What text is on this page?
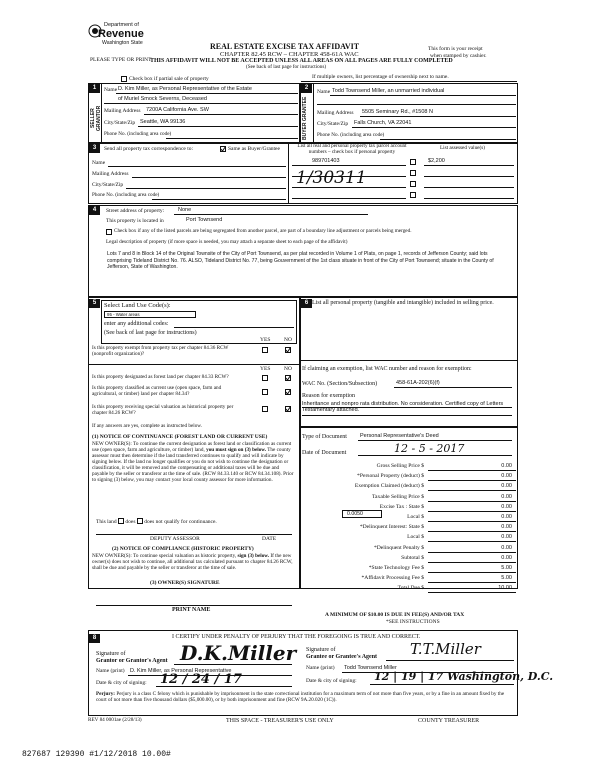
Department of
Revenue
Washington State	REAL ESTATE EXCISE TAX AFFIDAVIT
CHAPTER 82.45 RCW – CHAPTER 458-61A WAC
THIS AFFIDAVIT WILL NOT BE ACCEPTED UNLESS ALL AREAS ON ALL PAGES ARE FULLY COMPLETED
(See back of last page for instructions)
PLEASE TYPE OR PRINT
This form is your receipt
when stamped by cashier.
Check box if partial sale of property	If multiple owners, list percentage of ownership next to name.
1
SELLER GRANTOR
Name D. Kim Miller, as Personal Representative of the Estate
of Muriel Smock Severns, Deceased
Mailing Address 7200A California Ave. SW
City/State/Zip Seattle, WA 99136
Phone No. (including area code)
2
BUYER GRANTEE
Name Todd Townsend Miller, an unmarried individual
Mailing Address 5505 Seminary Rd., #1508 N
City/State/Zip Falls Church, VA 22041
Phone No. (including area code)
3	Send all property tax correspondence to:	Same as Buyer/Grantee
Name
Mailing Address
City/State/Zip
Phone No. (including area code)
List all real and personal property tax parcel account numbers – check box if personal property
List assessed value(s)
989701403	$2,200
1/30311
4	Street address of property:	None
This property is located in	Port Townsend
Check box if any of the listed parcels are being segregated from another parcel, are part of a boundary line adjustment or parcels being merged.
Legal description of property (if more space is needed, you may attach a separate sheet to each page of the affidavit)
Lots 7 and 8 in Block 14 of the Original Townsite of the City of Port Townsend, as per plat recorded in Volume 1 of Plats, on page 1, records of Jefferson County; said lots comprising Tideland District No. 76. ALSO, Tideland District No. 77, being Gouvernment of the 1st class situate in front of the City of Port Townsend; situate in the County of Jefferson, State of Washington.
5	Select Land Use Code(s):
95 - Water areas
enter any additional codes:
(See back of last page for instructions)
YES NO
Is this property exempt from property tax per chapter 84.36 RCW (nonprofit organization)?
YES NO
Is this property designated as forest land per chapter 84.33 RCW?
Is this property classified as current use (open space, farm and agricultural, or timber) land per chapter 84.34?
Is this property receiving special valuation as historical property per chapter 84.26 RCW?
If any answers are yes, complete as instructed below.
(1) NOTICE OF CONTINUANCE (FOREST LAND OR CURRENT USE)
NEW OWNER(S): To continue the current designation as forest land or classification as current use (open space, farm and agriculture, or timber) land, you must sign on (3) below. The county assessor must then determine if the land transferred continues to qualify and will indicate by signing below. If the land no longer qualifies or you do not wish to continue the designation or classification, it will be removed and the compensating or additional taxes will be due and payable by the seller or transferor at the time of sale. (RCW 84.33.140 or RCW 84.34.108). Prior to signing (3) below, you may contact your local county assessor for more information.
This land does does not qualify for continuance.
DEPUTY ASSESSOR	DATE
(2) NOTICE OF COMPLIANCE (HISTORIC PROPERTY)
NEW OWNER(S): To continue special valuation as historic property, sign (3) below. If the new owner(s) does not wish to continue, all additional tax calculated pursuant to chapter 84.26 RCW, shall be due and payable by the seller or transferor at the time of sale.
(3) OWNER(S) SIGNATURE
PRINT NAME
6 List all personal property (tangible and intangible) included in selling price.
If claiming an exemption, list WAC number and reason for exemption:
WAC No. (Section/Subsection)	458-61A-202(6)(f)
Reason for exemption
Inheritance and nonpro rata distribution. No consideration. Certified copy of Letters Testamentary attached.
Type of Document Personal Representative's Deed
Date of Document	12 - 5 - 2017
Gross Selling Price $	0.00
*Personal Property (deduct) $	0.00
Exemption Claimed (deduct) $	0.00
Taxable Selling Price $	0.00
Excise Tax : State $	0.00
Local $	0.00
*Delinquent Interest: State $	0.00
Local $	0.00
*Delinquent Penalty $	0.00
Subtotal $	0.00
*State Technology Fee $	5.00
*Affidavit Processing Fee $	5.00
Total Due $	10.00
0.0050
A MINIMUM OF $10.00 IS DUE IN FEE(S) AND/OR TAX
*SEE INSTRUCTIONS
8	I CERTIFY UNDER PENALTY OF PERJURY THAT THE FOREGOING IS TRUE AND CORRECT.
Signature of
Grantor or Grantor's Agent D.K.Miller
Name (print) D. Kim Miller, as Personal Representative
Date & city of signing: 12 / 24 / 17
Signature of
Grantee or Grantee's Agent T.T.Miller
Name (print) Todd Townsend Miller
Date & city of signing: 12 | 19 | 17 Washington, D.C.
Perjury: Perjury is a class C felony which is punishable by imprisonment in the state correctional institution for a maximum term of not more than five years, or by a fine in an amount fixed by the court of not more than five thousand dollars ($5,000.00), or by both imprisonment and fine (RCW 9A.20.020 (1C)).
REV 84 0001ae (2/28/13)	THIS SPACE - TREASURER'S USE ONLY	COUNTY TREASURER
827687 129390 #1/12/2018 10.00#
